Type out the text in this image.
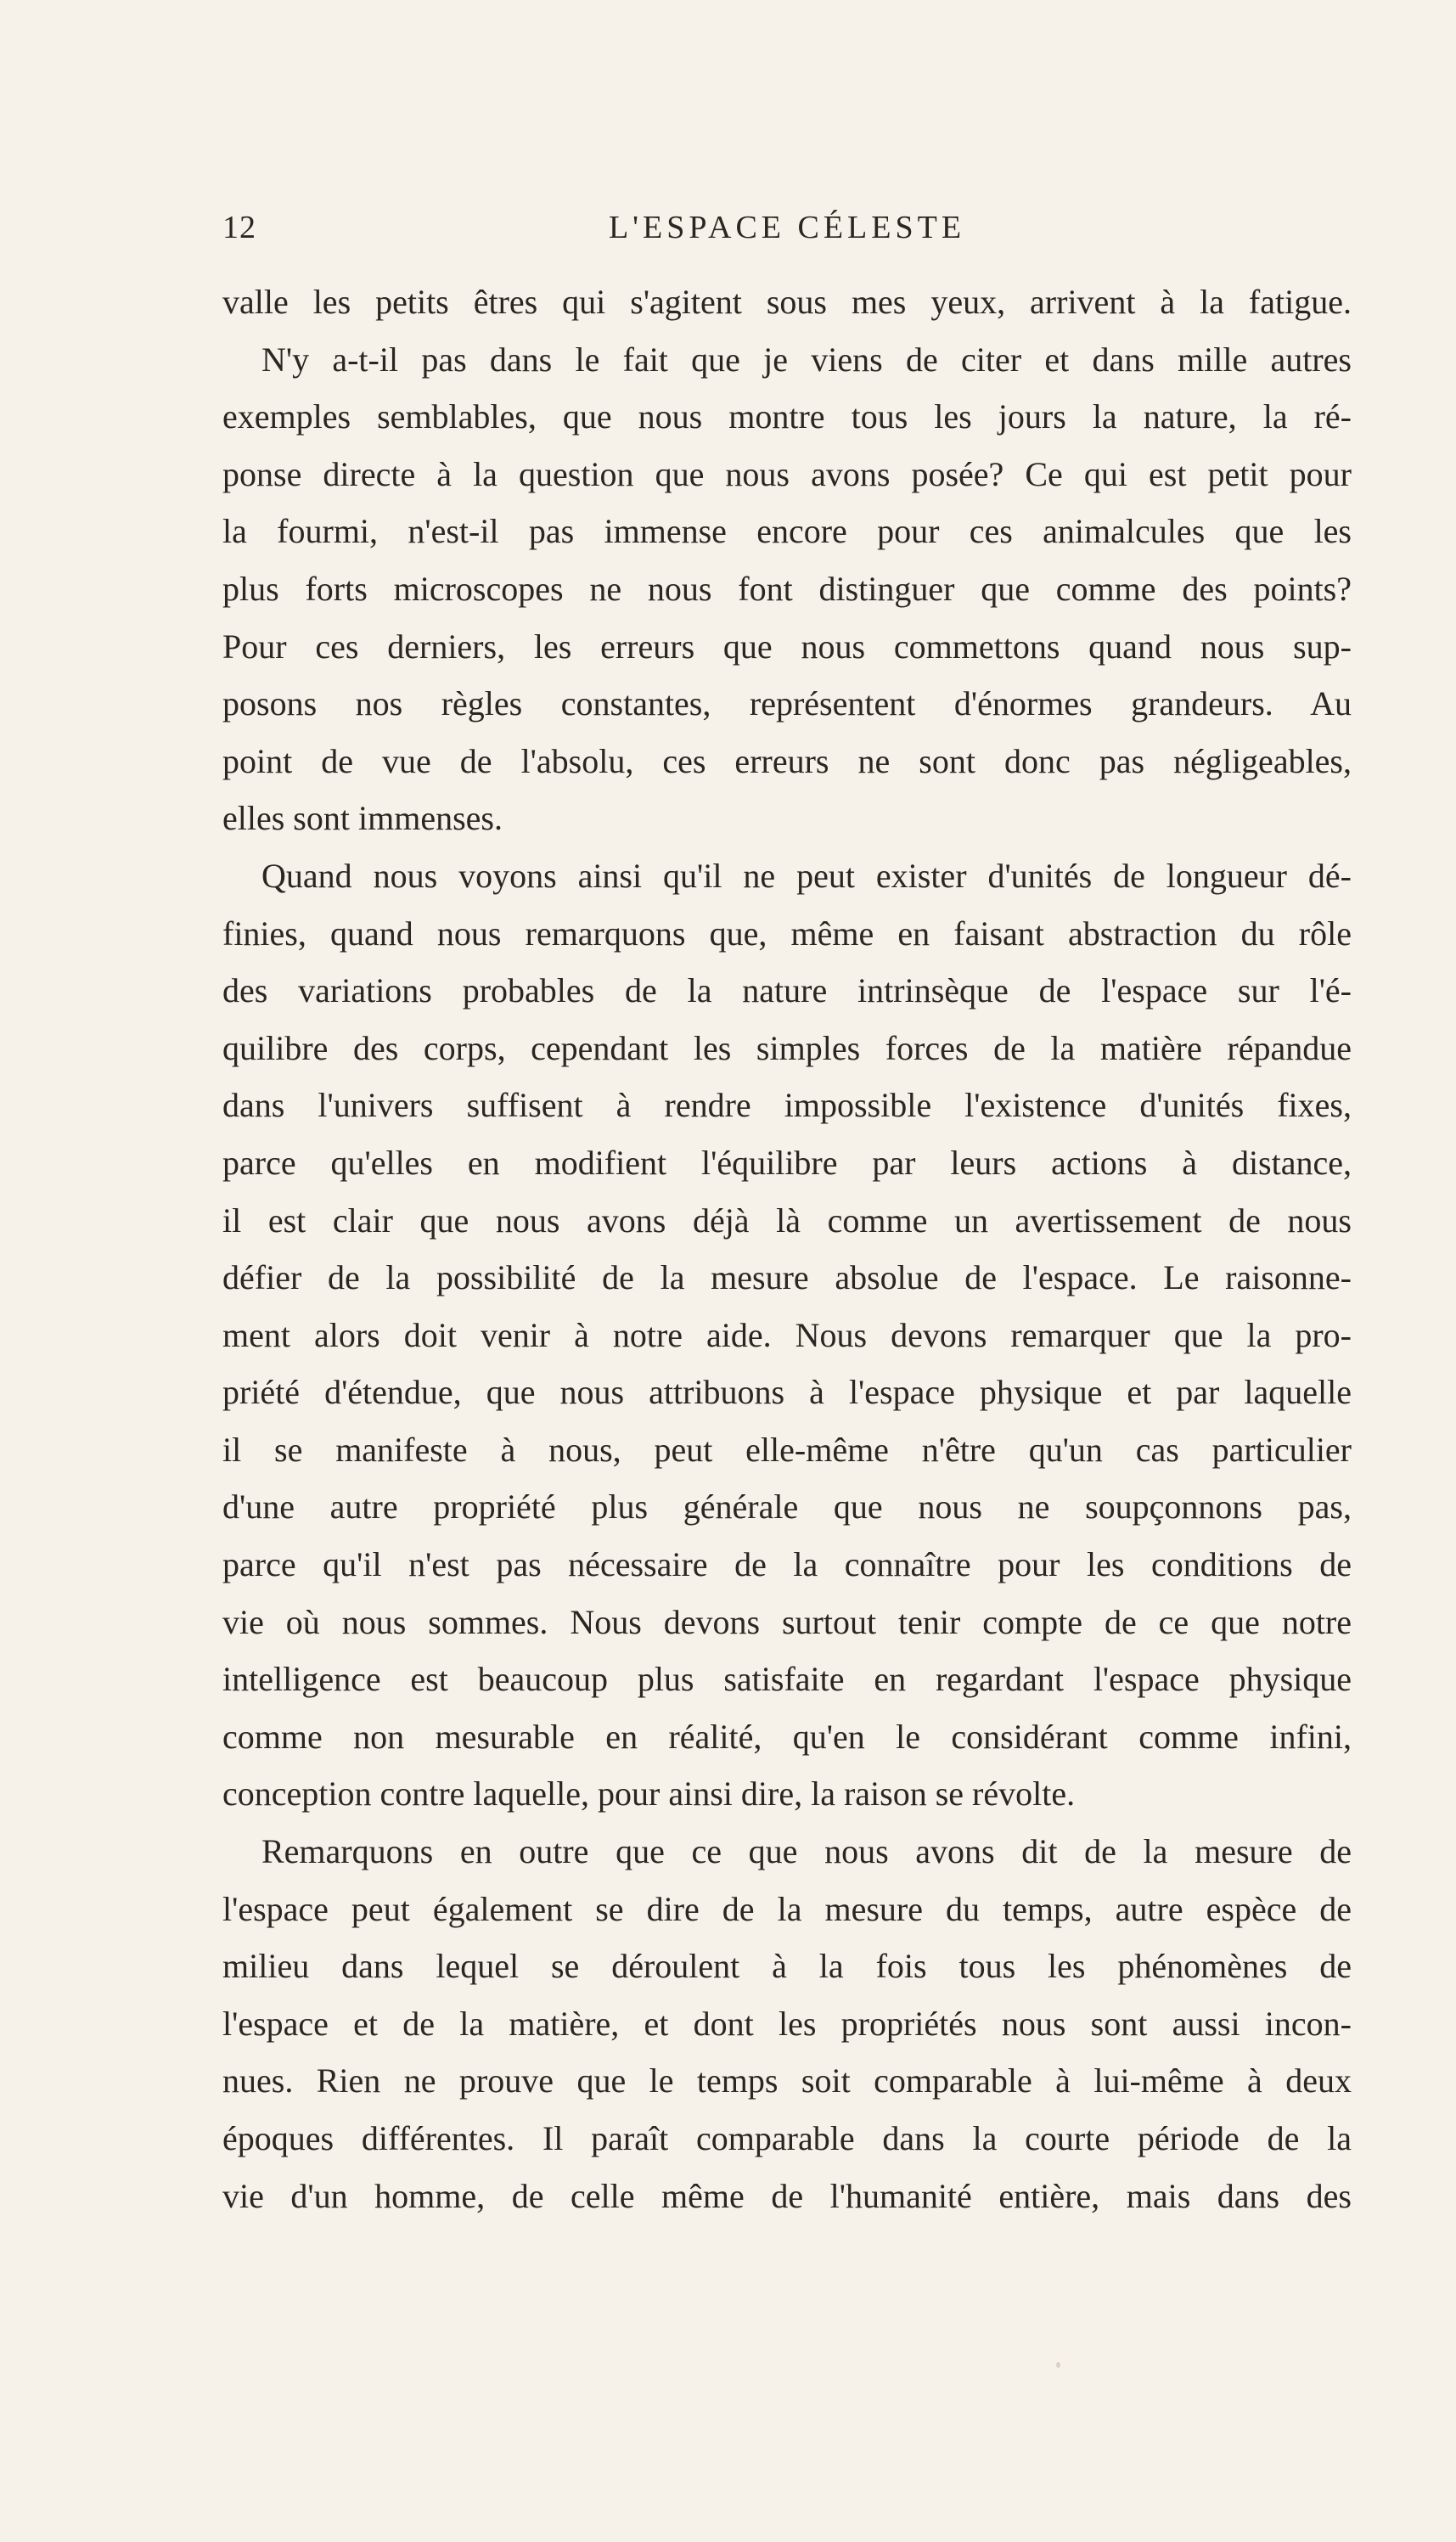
12	L'ESPACE CÉLESTE
valle les petits êtres qui s'agitent sous mes yeux, arrivent à la fatigue.
N'y a-t-il pas dans le fait que je viens de citer et dans mille autres
exemples semblables, que nous montre tous les jours la nature, la ré-
ponse directe à la question que nous avons posée? Ce qui est petit pour
la fourmi, n'est-il pas immense encore pour ces animalcules que les
plus forts microscopes ne nous font distinguer que comme des points?
Pour ces derniers, les erreurs que nous commettons quand nous sup-
posons nos règles constantes, représentent d'énormes grandeurs. Au
point de vue de l'absolu, ces erreurs ne sont donc pas négligeables,
elles sont immenses.
Quand nous voyons ainsi qu'il ne peut exister d'unités de longueur dé-
finies, quand nous remarquons que, même en faisant abstraction du rôle
des variations probables de la nature intrinsèque de l'espace sur l'é-
quilibre des corps, cependant les simples forces de la matière répandue
dans l'univers suffisent à rendre impossible l'existence d'unités fixes,
parce qu'elles en modifient l'équilibre par leurs actions à distance,
il est clair que nous avons déjà là comme un avertissement de nous
défier de la possibilité de la mesure absolue de l'espace. Le raisonne-
ment alors doit venir à notre aide. Nous devons remarquer que la pro-
priété d'étendue, que nous attribuons à l'espace physique et par laquelle
il se manifeste à nous, peut elle-même n'être qu'un cas particulier
d'une autre propriété plus générale que nous ne soupçonnons pas,
parce qu'il n'est pas nécessaire de la connaître pour les conditions de
vie où nous sommes. Nous devons surtout tenir compte de ce que notre
intelligence est beaucoup plus satisfaite en regardant l'espace physique
comme non mesurable en réalité, qu'en le considérant comme infini,
conception contre laquelle, pour ainsi dire, la raison se révolte.
Remarquons en outre que ce que nous avons dit de la mesure de
l'espace peut également se dire de la mesure du temps, autre espèce de
milieu dans lequel se déroulent à la fois tous les phénomènes de
l'espace et de la matière, et dont les propriétés nous sont aussi incon-
nues. Rien ne prouve que le temps soit comparable à lui-même à deux
époques différentes. Il paraît comparable dans la courte période de la
vie d'un homme, de celle même de l'humanité entière, mais dans des
